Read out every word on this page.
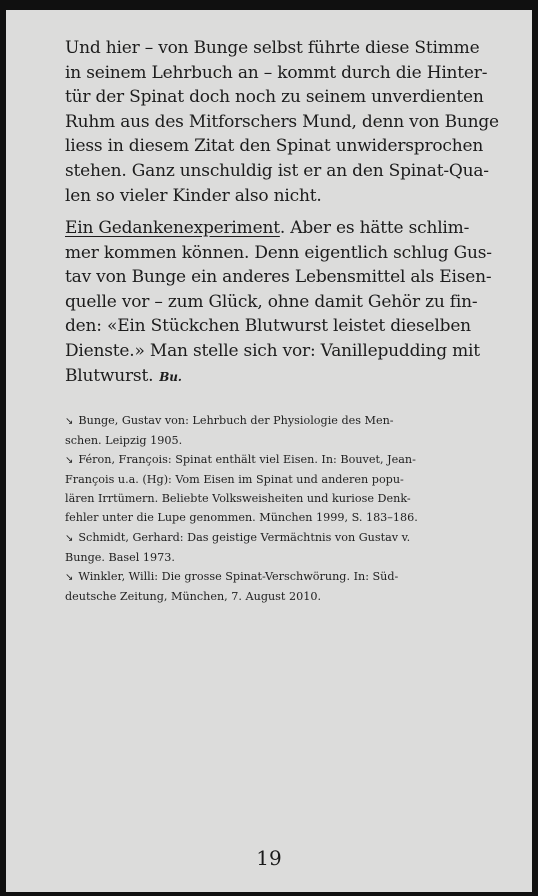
Und hier – von Bunge selbst führte diese Stimme
in seinem Lehrbuch an – kommt durch die Hinter-
tür der Spinat doch noch zu seinem unverdienten
Ruhm aus des Mitforschers Mund, denn von Bunge
liess in diesem Zitat den Spinat unwidersprochen
stehen. Ganz unschuldig ist er an den Spinat-Qua-
len so vieler Kinder also nicht.

Ein Gedankenexperiment. Aber es hätte schlim-
mer kommen können. Denn eigentlich schlug Gus-
tav von Bunge ein anderes Lebensmittel als Eisen-
quelle vor – zum Glück, ohne damit Gehör zu fin-
den: «Ein Stückchen Blutwurst leistet dieselben
Dienste.» Man stelle sich vor: Vanillepudding mit
Blutwurst. Bu.

↘ Bunge, Gustav von: Lehrbuch der Physiologie des Men-
schen. Leipzig 1905.
↘ Féron, François: Spinat enthält viel Eisen. In: Bouvet, Jean-
François u.a. (Hg): Vom Eisen im Spinat und anderen popu-
lären Irrtümern. Beliebte Volksweisheiten und kuriose Denk-
fehler unter die Lupe genommen. München 1999, S. 183–186.
↘ Schmidt, Gerhard: Das geistige Vermächtnis von Gustav v.
Bunge. Basel 1973.
↘ Winkler, Willi: Die grosse Spinat-Verschwörung. In: Süd-
deutsche Zeitung, München, 7. August 2010.
19
